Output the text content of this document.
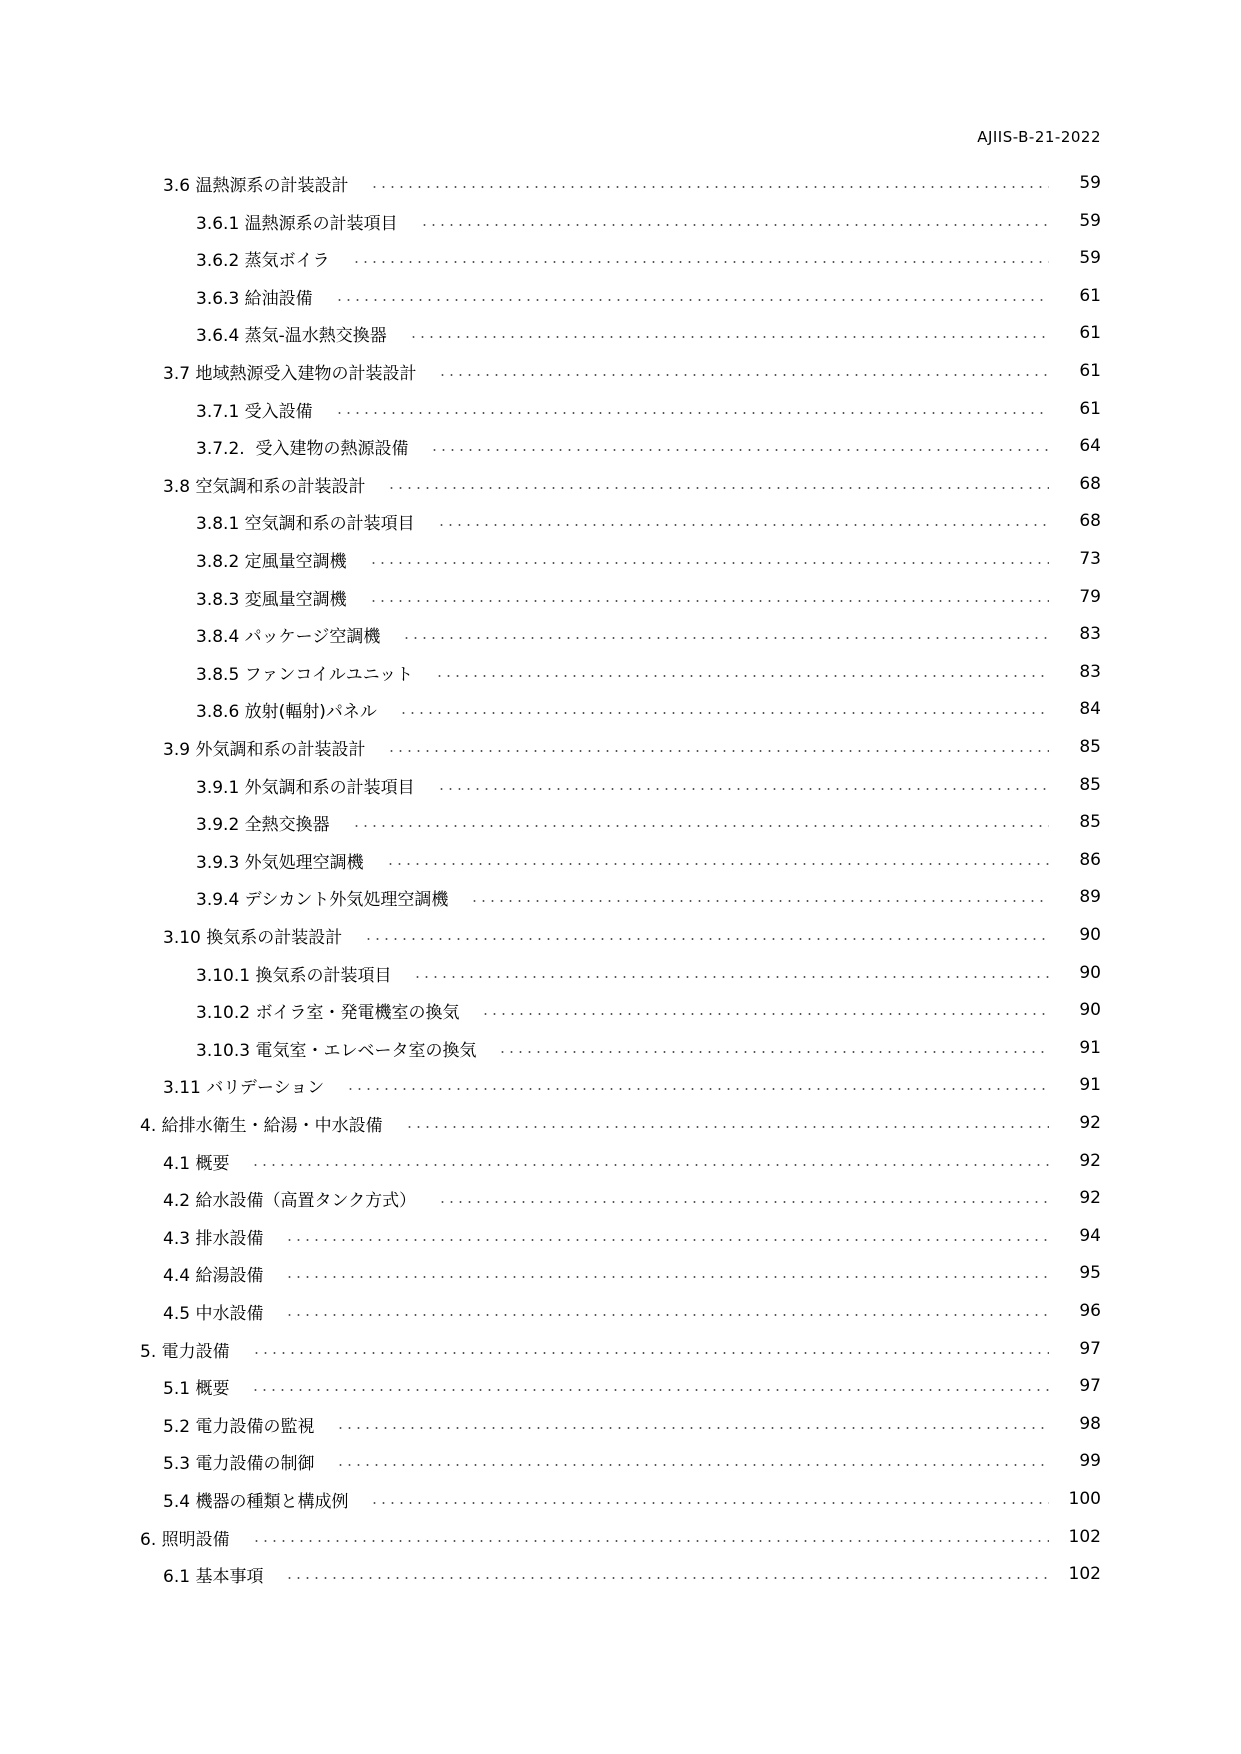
AJIIS-B-21-2022
3.6 温熱源系の計装設計	59
3.6.1 温熱源系の計装項目	59
3.6.2 蒸気ボイラ	59
3.6.3 給油設備	61
3.6.4 蒸気-温水熱交換器	61
3.7 地域熱源受入建物の計装設計	61
3.7.1 受入設備	61
3.7.2.  受入建物の熱源設備	64
3.8 空気調和系の計装設計	68
3.8.1 空気調和系の計装項目	68
3.8.2 定風量空調機	73
3.8.3 変風量空調機	79
3.8.4 パッケージ空調機	83
3.8.5 ファンコイルユニット	83
3.8.6 放射(輻射)パネル	84
3.9 外気調和系の計装設計	85
3.9.1 外気調和系の計装項目	85
3.9.2 全熱交換器	85
3.9.3 外気処理空調機	86
3.9.4 デシカント外気処理空調機	89
3.10 換気系の計装設計	90
3.10.1 換気系の計装項目	90
3.10.2 ボイラ室・発電機室の換気	90
3.10.3 電気室・エレベータ室の換気	91
3.11 バリデーション	91
4. 給排水衛生・給湯・中水設備	92
4.1 概要	92
4.2 給水設備（高置タンク方式）	92
4.3 排水設備	94
4.4 給湯設備	95
4.5 中水設備	96
5. 電力設備	97
5.1 概要	97
5.2 電力設備の監視	98
5.3 電力設備の制御	99
5.4 機器の種類と構成例	100
6. 照明設備	102
6.1 基本事項	102
